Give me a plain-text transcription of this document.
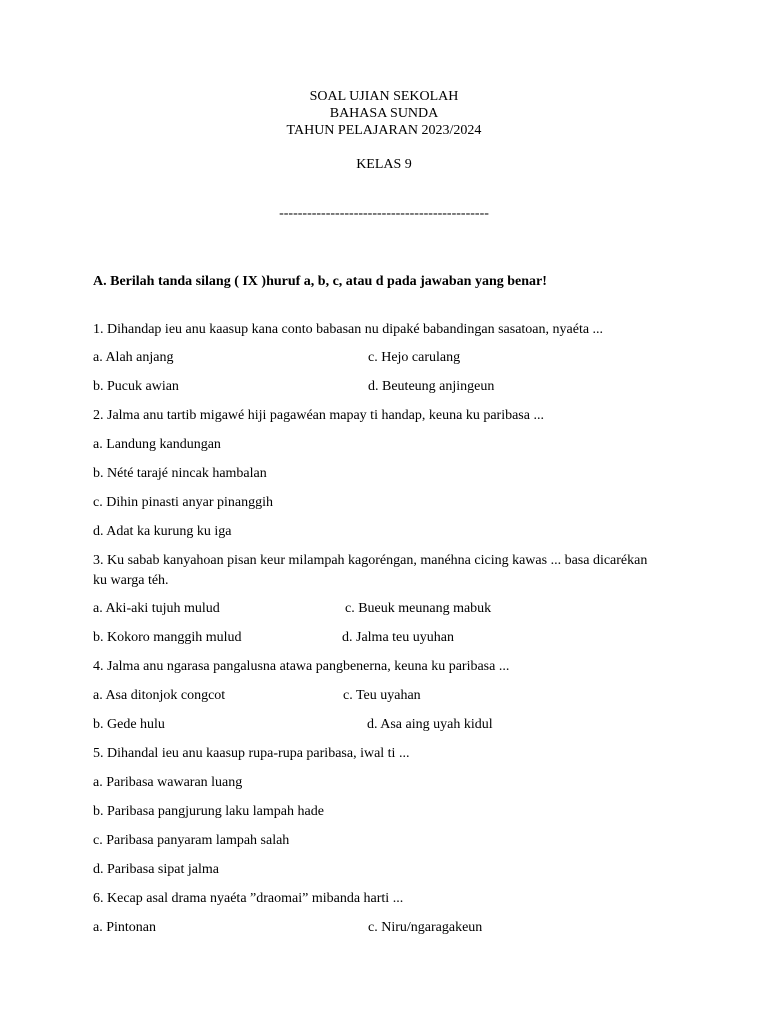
SOAL UJIAN SEKOLAH
BAHASA SUNDA
TAHUN PELAJARAN 2023/2024
KELAS 9
---------------------------------------------
A. Berilah tanda silang ( IX )huruf a, b, c, atau d pada jawaban yang benar!
1. Dihandap ieu anu kaasup kana conto babasan nu dipaké babandingan sasatoan, nyaéta ...
a. Alah anjang	c. Hejo carulang
b. Pucuk awian	d. Beuteung anjingeun
2. Jalma anu tartib migawé hiji pagawéan mapay ti handap, keuna ku paribasa ...
a. Landung kandungan
b. Nété tarajé nincak hambalan
c. Dihin pinasti anyar pinanggih
d. Adat ka kurung ku iga
3. Ku sabab kanyahoan pisan keur milampah kagoréngan, manéhna cicing kawas ... basa dicarékan ku warga téh.
a. Aki-aki tujuh mulud	c. Bueuk meunang mabuk
b. Kokoro manggih mulud	d. Jalma teu uyuhan
4. Jalma anu ngarasa pangalusna atawa pangbenerna, keuna ku paribasa ...
a. Asa ditonjok congcot	c. Teu uyahan
b. Gede hulu	d. Asa aing uyah kidul
5. Dihandal ieu anu kaasup rupa-rupa paribasa, iwal ti ...
a. Paribasa wawaran luang
b. Paribasa pangjurung laku lampah hade
c. Paribasa panyaram lampah salah
d. Paribasa sipat jalma
6. Kecap asal drama nyaéta ”draomai” mibanda harti ...
a. Pintonan	c. Niru/ngaragakeun
